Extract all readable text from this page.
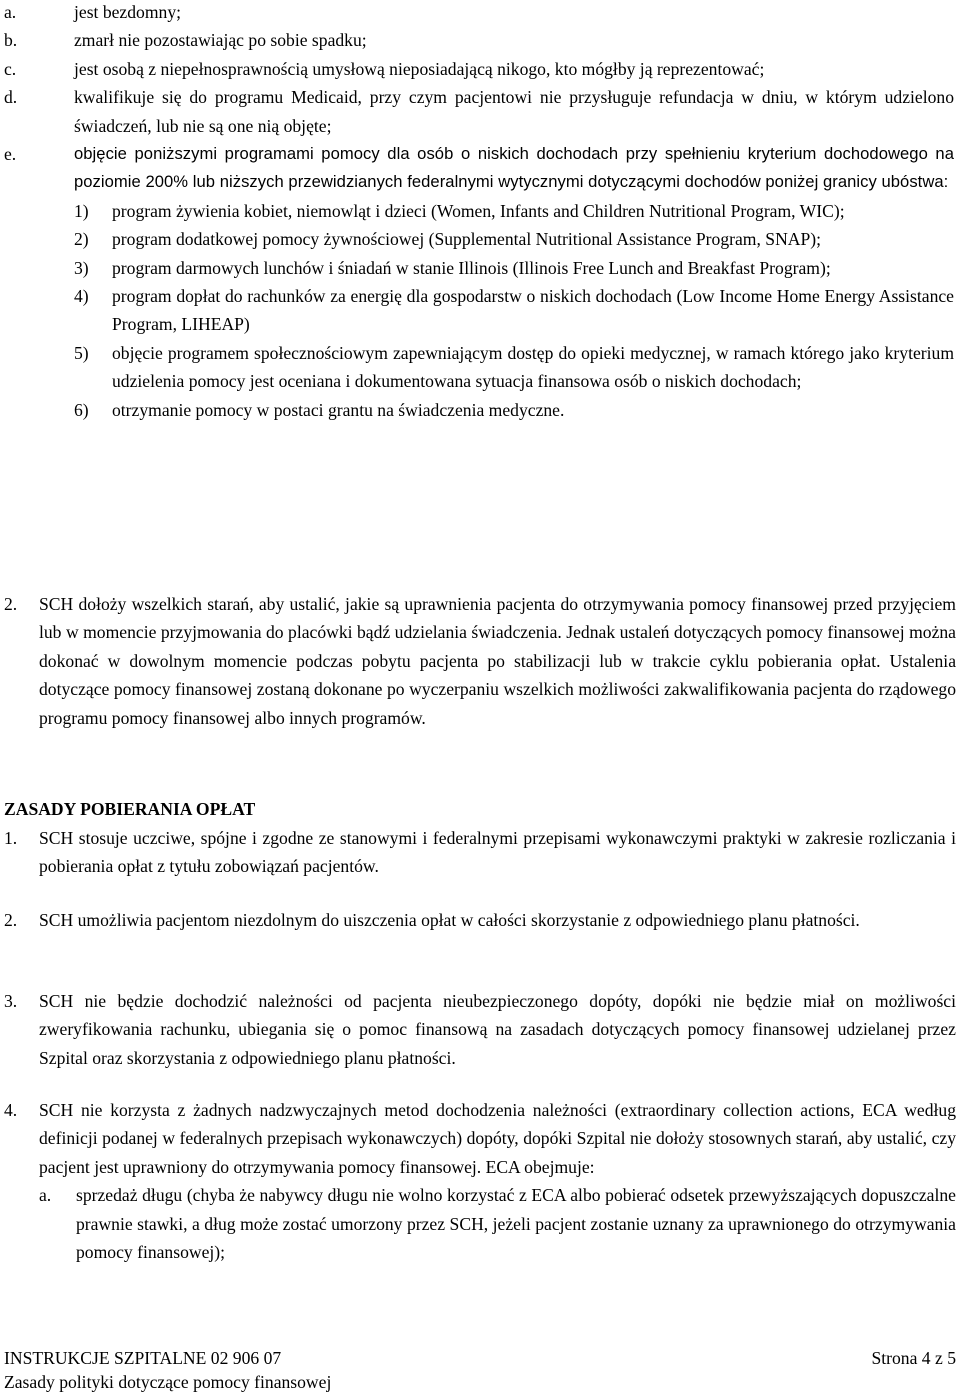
a.	jest bezdomny;
b.	zmarł nie pozostawiając po sobie spadku;
c.	jest osobą z niepełnosprawnością umysłową nieposiadającą nikogo, kto mógłby ją reprezentować;
d.	kwalifikuje się do programu Medicaid, przy czym pacjentowi nie przysługuje refundacja w dniu, w którym udzielono świadczeń, lub nie są one nią objęte;
e.	objęcie poniższymi programami pomocy dla osób o niskich dochodach przy spełnieniu kryterium dochodowego na poziomie 200% lub niższych przewidzianych federalnymi wytycznymi dotyczącymi dochodów poniżej granicy ubóstwa:
1) program żywienia kobiet, niemowląt i dzieci (Women, Infants and Children Nutritional Program, WIC);
2) program dodatkowej pomocy żywnościowej (Supplemental Nutritional Assistance Program, SNAP);
3) program darmowych lunchów i śniadań w stanie Illinois (Illinois Free Lunch and Breakfast Program);
4) program dopłat do rachunków za energię dla gospodarstw o niskich dochodach (Low Income Home Energy Assistance Program, LIHEAP)
5) objęcie programem społecznościowym zapewniającym dostęp do opieki medycznej, w ramach którego jako kryterium udzielenia pomocy jest oceniana i dokumentowana sytuacja finansowa osób o niskich dochodach;
6) otrzymanie pomocy w postaci grantu na świadczenia medyczne.
2. SCH dołoży wszelkich starań, aby ustalić, jakie są uprawnienia pacjenta do otrzymywania pomocy finansowej przed przyjęciem lub w momencie przyjmowania do placówki bądź udzielania świadczenia. Jednak ustaleń dotyczących pomocy finansowej można dokonać w dowolnym momencie podczas pobytu pacjenta po stabilizacji lub w trakcie cyklu pobierania opłat. Ustalenia dotyczące pomocy finansowej zostaną dokonane po wyczerpaniu wszelkich możliwości zakwalifikowania pacjenta do rządowego programu pomocy finansowej albo innych programów.
ZASADY POBIERANIA OPŁAT
1. SCH stosuje uczciwe, spójne i zgodne ze stanowymi i federalnymi przepisami wykonawczymi praktyki w zakresie rozliczania i pobierania opłat z tytułu zobowiązań pacjentów.
2. SCH umożliwia pacjentom niezdolnym do uiszczenia opłat w całości skorzystanie z odpowiedniego planu płatności.
3. SCH nie będzie dochodzić należności od pacjenta nieubezpieczonego dopóty, dopóki nie będzie miał on możliwości zweryfikowania rachunku, ubiegania się o pomoc finansową na zasadach dotyczących pomocy finansowej udzielanej przez Szpital oraz skorzystania z odpowiedniego planu płatności.
4. SCH nie korzysta z żadnych nadzwyczajnych metod dochodzenia należności (extraordinary collection actions, ECA według definicji podanej w federalnych przepisach wykonawczych) dopóty, dopóki Szpital nie dołoży stosownych starań, aby ustalić, czy pacjent jest uprawniony do otrzymywania pomocy finansowej. ECA obejmuje:
a. sprzedaż długu (chyba że nabywcy długu nie wolno korzystać z ECA albo pobierać odsetek przewyższających dopuszczalne prawnie stawki, a dług może zostać umorzony przez SCH, jeżeli pacjent zostanie uznany za uprawnionego do otrzymywania pomocy finansowej);
INSTRUKCJE SZPITALNE 02 906 07	Strona 4 z 5
Zasady polityki dotyczące pomocy finansowej
